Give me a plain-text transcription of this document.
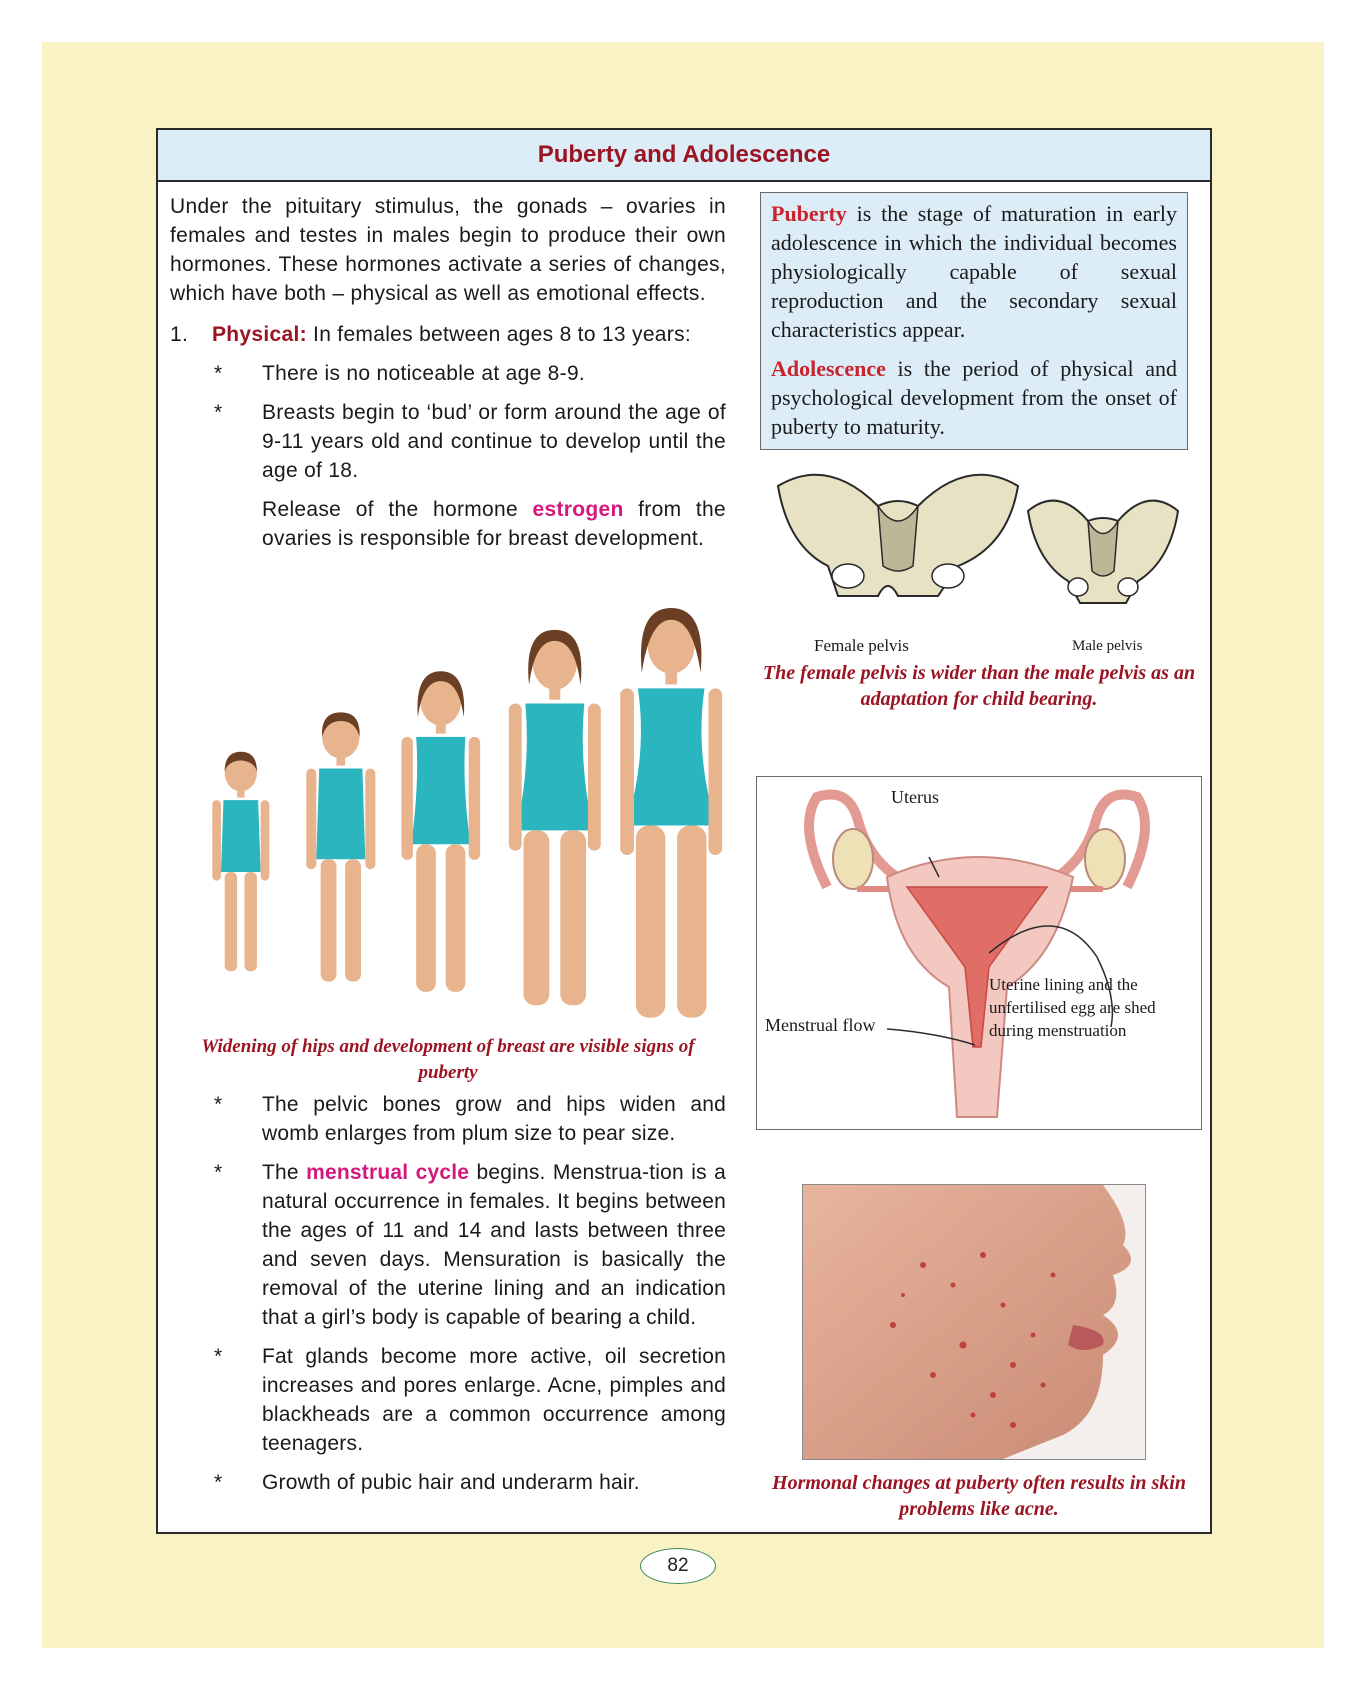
Puberty and Adolescence

Under the pituitary stimulus, the gonads – ovaries in females and testes in males begin to produce their own hormones. These hormones activate a series of changes, which have both – physical as well as emotional effects.

1.	Physical: In females between ages 8 to 13 years:
*	There is no noticeable at age 8-9.
*	Breasts begin to ‘bud’ or form around the age of 9-11 years old and continue to develop until the age of 18.

Release of the hormone estrogen from the ovaries is responsible for breast development.

Widening of hips and development of breast are visible signs of puberty
*	The pelvic bones grow and hips widen and womb enlarges from plum size to pear size.
*	The menstrual cycle begins. Menstrua-tion is a natural occurrence in females. It begins between the ages of 11 and 14 and lasts between three and seven days. Mensuration is basically the removal of the uterine lining and an indication that a girl’s body is capable of bearing a child.
*	Fat glands become more active, oil secretion increases and pores enlarge. Acne, pimples and blackheads are a common occurrence among teenagers.
*	Growth of pubic hair and underarm hair.

Puberty is the stage of maturation in early adolescence in which the individual becomes physiologically capable of sexual reproduction and the secondary sexual characteristics appear.

Adolescence is the period of physical and psychological development from the onset of puberty to maturity.

Female pelvis	Male pelvis
The female pelvis is wider than the male pelvis as an adaptation for child bearing.
Uterus
Uterine lining and the
unfertilised egg are shed
during menstruation
Menstrual flow
Hormonal changes at puberty often results in skin problems like acne.
82
